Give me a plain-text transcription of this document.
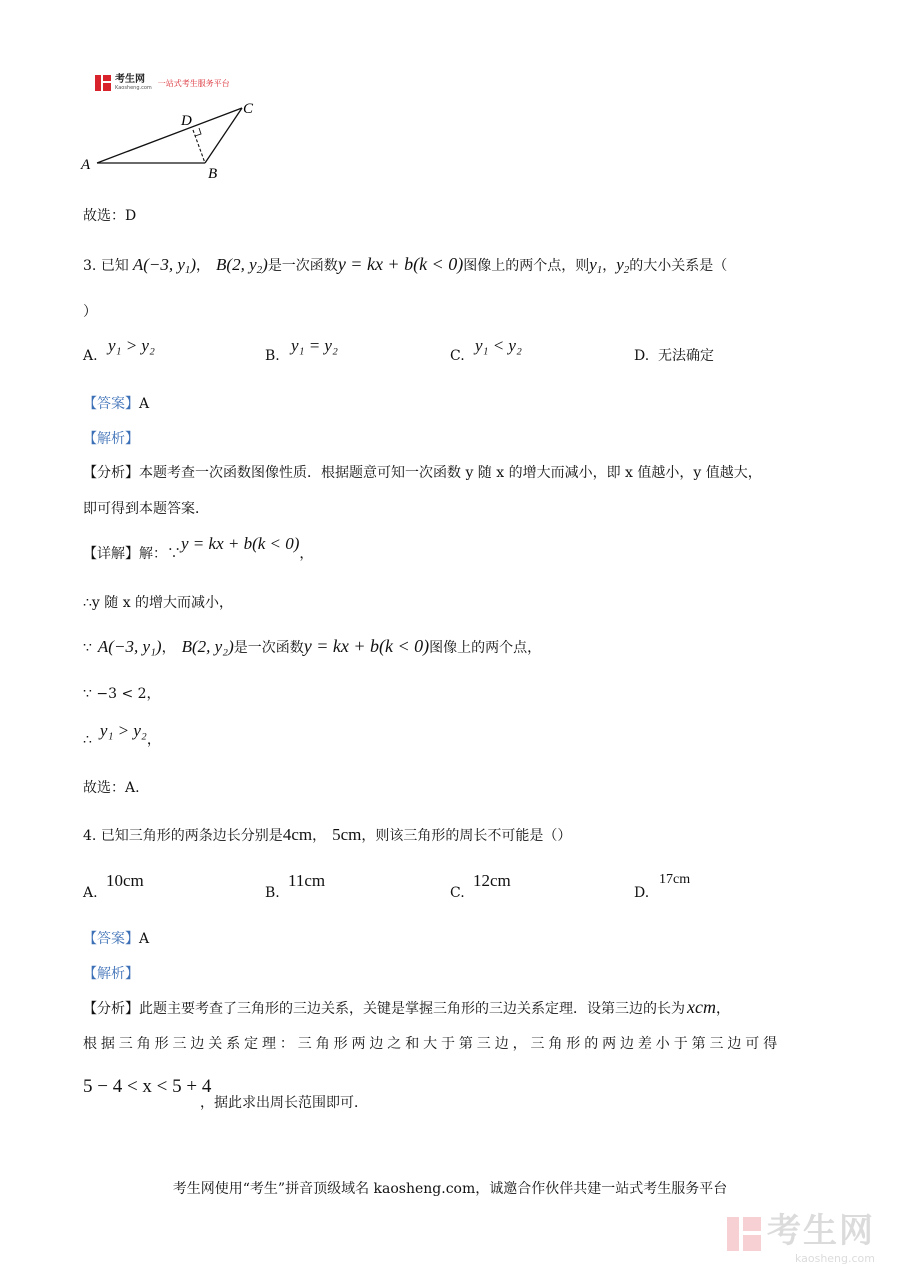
考生网
Kaosheng.com
一站式考生服务平台
A
B
C
D
故选：D
3.
已知 A(−3, $y_1$) ， B(2, $y_2$) 是一次函数 y = kx + b(k < 0) 图像上的两个点，则 $y_1$ ， $y_2$ 的大小关系是（
）
A.
y₁ > y₂
B.
y₁ = y₂
C.
y₁ < y₂
D. 无法确定
【答案】A
【解析】
【分析】本题考查一次函数图像性质．根据题意可知一次函数 y 随 x 的增大而减小，即 x 值越小，y 值越大，
即可得到本题答案．
【详解】 解：∵
y = kx + b(k < 0)
，
∴y 随 x 的增大而减小，
∵ A(−3, y₁) ， B(2, y₂) 是一次函数 y = kx + b(k < 0) 图像上的两个点，
∵ −3 < 2，
∴ y₁ > y₂ ，
故选：A.
4.
已知三角形的两条边长分别是 4cm ， 5cm ，则该三角形的周长不可能是（）
A.
10cm
B.
11cm
C.
12cm
D.
17cm
【答案】A
【解析】
【分析】 此题主要考查了三角形的三边关系，关键是掌握三角形的三边关系定理．设第三边的长为 xcm ，
根据三角形三边关系定理：三角形两边之和大于第三边，三角形的两边差小于第三边可得
5 − 4 < x < 5 + 4
，据此求出周长范围即可．
考生网使用“考生”拼音顶级域名 kaosheng.com，诚邀合作伙伴共建一站式考生服务平台
考生网
kaosheng.com
